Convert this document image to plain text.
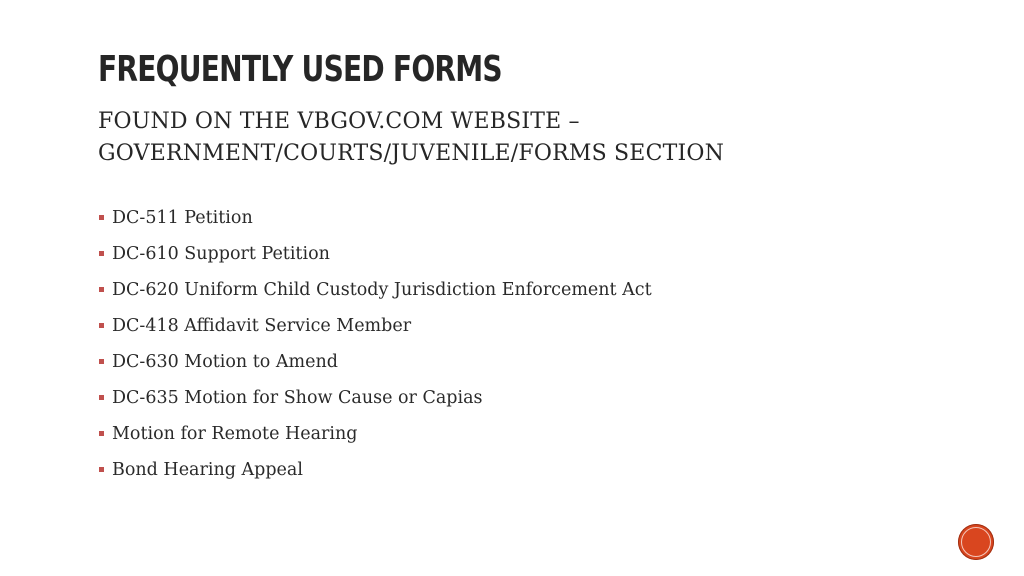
FREQUENTLY USED FORMS
FOUND ON THE VBGOV.COM WEBSITE –
GOVERNMENT/COURTS/JUVENILE/FORMS SECTION
DC-511 Petition
DC-610 Support Petition
DC-620 Uniform Child Custody Jurisdiction Enforcement Act
DC-418 Affidavit Service Member
DC-630 Motion to Amend
DC-635 Motion for Show Cause or Capias
Motion for Remote Hearing
Bond Hearing Appeal
